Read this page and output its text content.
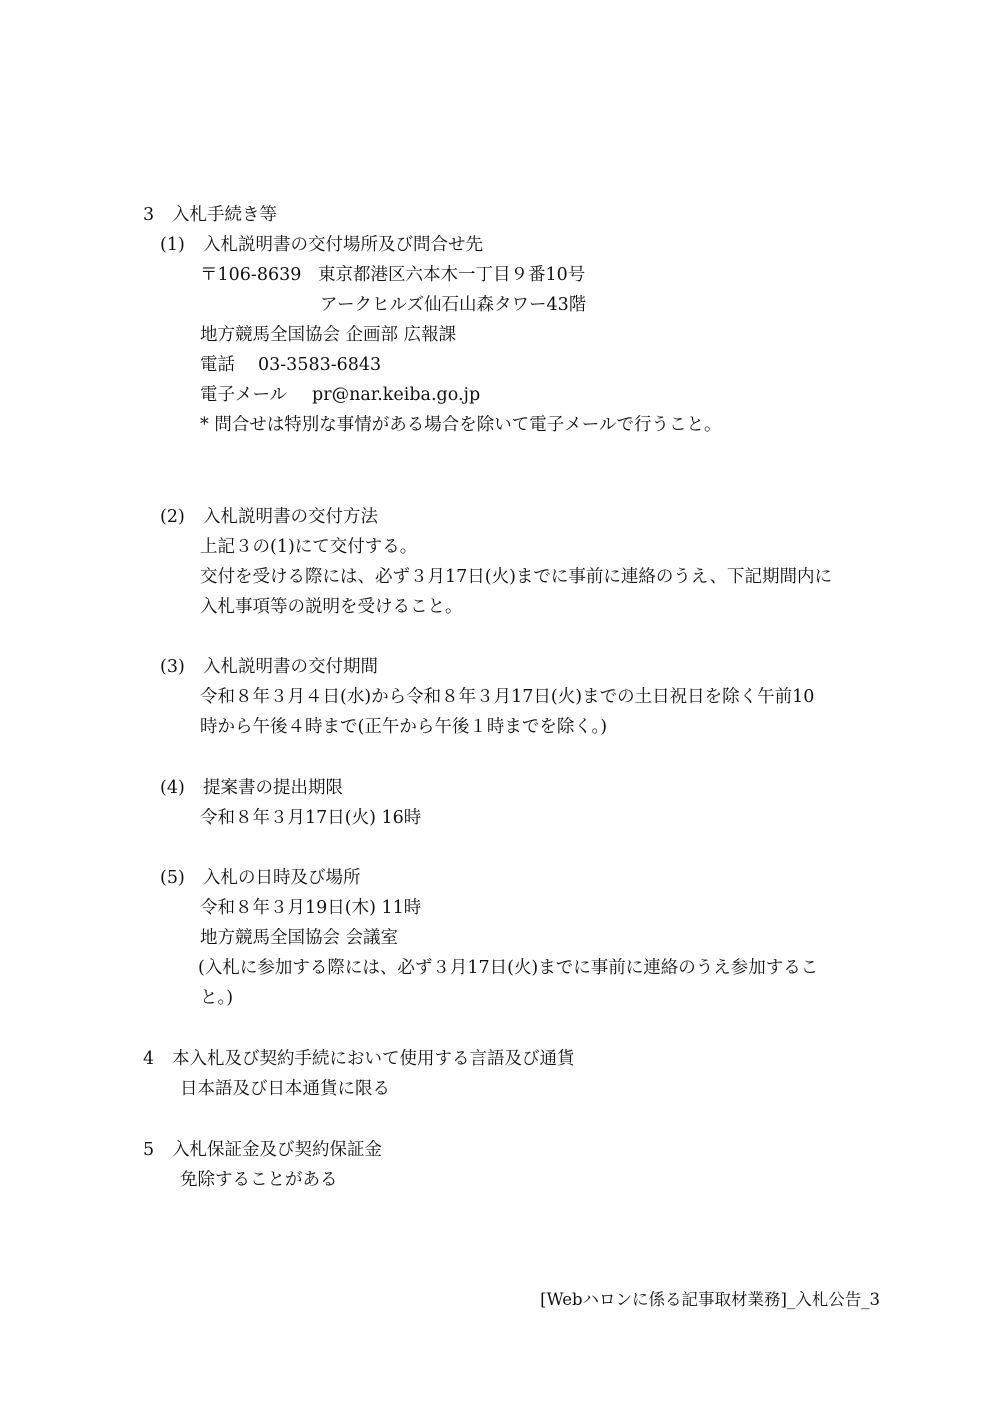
3 入札手続き等
(1) 入札説明書の交付場所及び問合せ先
〒106-8639 東京都港区六本木一丁目９番10号
アークヒルズ仙石山森タワー43階
地方競馬全国協会 企画部 広報課
電話 03-3583-6843
電子メール pr@nar.keiba.go.jp
* 問合せは特別な事情がある場合を除いて電子メールで行うこと。
(2) 入札説明書の交付方法
上記３の(1)にて交付する。
交付を受ける際には、必ず３月17日(火)までに事前に連絡のうえ、下記期間内に
入札事項等の説明を受けること。
(3) 入札説明書の交付期間
令和８年３月４日(水)から令和８年３月17日(火)までの土日祝日を除く午前10
時から午後４時まで(正午から午後１時までを除く。)
(4) 提案書の提出期限
令和８年３月17日(火) 16時
(5) 入札の日時及び場所
令和８年３月19日(木) 11時
地方競馬全国協会 会議室
(入札に参加する際には、必ず３月17日(火)までに事前に連絡のうえ参加するこ
と。)
4 本入札及び契約手続において使用する言語及び通貨
日本語及び日本通貨に限る
5 入札保証金及び契約保証金
免除することがある
[Webハロンに係る記事取材業務]_入札公告_3
